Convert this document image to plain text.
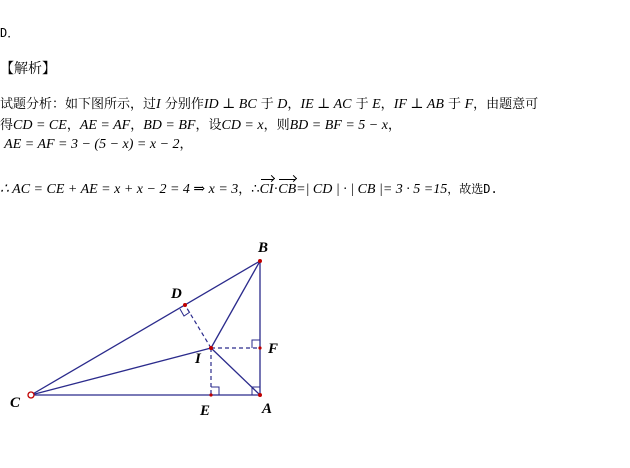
D．
【解析】
试题分析：如下图所示，过I 分别作ID ⊥ BC 于 D，IE ⊥ AC 于 E，IF ⊥ AB 于 F，由题意可
得CD = CE，AE = AF，BD = BF，设CD = x，则BD = BF = 5 − x，
AE = AF = 3 − (5 − x) = x − 2，
∴ AC = CE + AE = x + x − 2 = 4 ⇒ x = 3，∴CI·CB=| CD | · | CB |= 3 · 5 =15，故选D.
B
D
F
I
C	E	A
